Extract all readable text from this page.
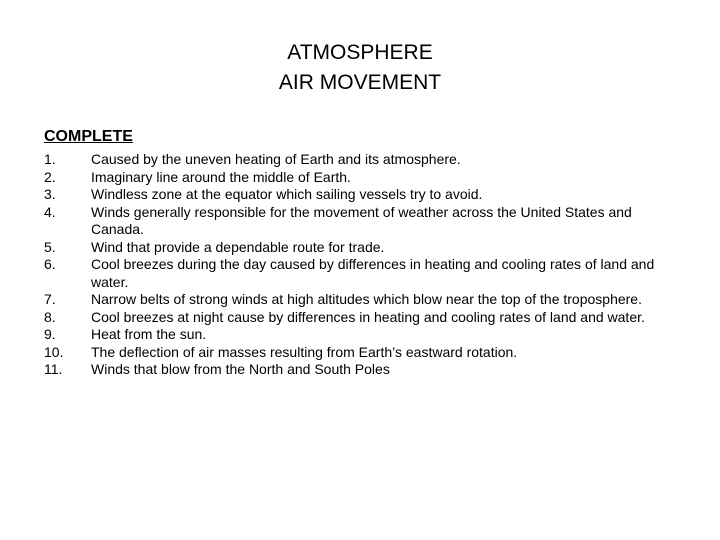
ATMOSPHERE
AIR MOVEMENT
COMPLETE
1.	Caused by the uneven heating of Earth and its atmosphere.
2.	Imaginary line around the middle of Earth.
3.	Windless zone at the equator which sailing vessels try to avoid.
4.	Winds generally responsible for the movement of weather across the United States and Canada.
5.	Wind that provide a dependable route for trade.
6.	Cool breezes during the day caused by differences in heating and cooling rates of land and water.
7.	Narrow belts of strong winds at high altitudes which blow near the top of the troposphere.
8.	Cool breezes at night cause by differences in heating and cooling rates of land and water.
9.	Heat from the sun.
10.	The deflection of air masses resulting from Earth’s eastward rotation.
11.	Winds that blow from the North and South Poles
